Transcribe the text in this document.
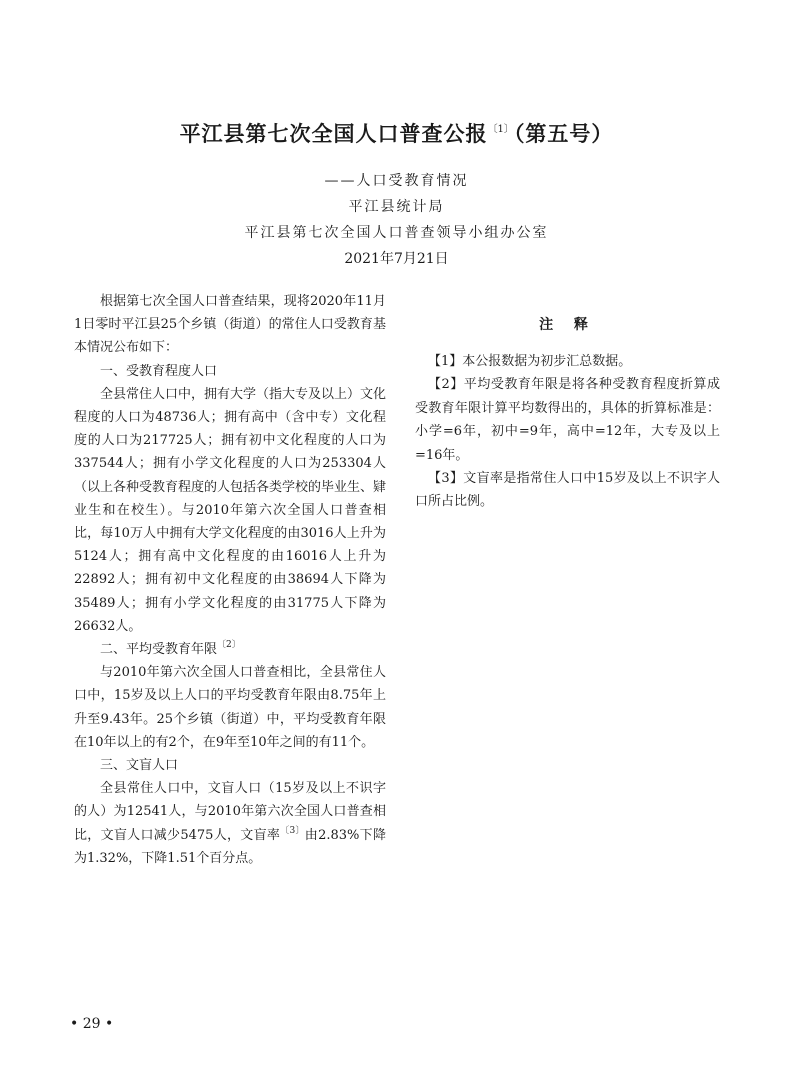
平江县第七次全国人口普查公报$^{〔1〕}$（第五号）
——人口受教育情况
平江县统计局
平江县第七次全国人口普查领导小组办公室
2021年7月21日

根据第七次全国人口普查结果，现将2020年11月1日零时平江县25个乡镇（街道）的常住人口受教育基本情况公布如下：

一、受教育程度人口

全县常住人口中，拥有大学（指大专及以上）文化程度的人口为48736人；拥有高中（含中专）文化程度的人口为217725人；拥有初中文化程度的人口为337544人；拥有小学文化程度的人口为253304人（以上各种受教育程度的人包括各类学校的毕业生、肄业生和在校生）。与2010年第六次全国人口普查相比，每10万人中拥有大学文化程度的由3016人上升为5124人；拥有高中文化程度的由16016人上升为22892人；拥有初中文化程度的由38694人下降为35489人；拥有小学文化程度的由31775人下降为26632人。

二、平均受教育年限$^{〔2〕}$

与2010年第六次全国人口普查相比，全县常住人口中，15岁及以上人口的平均受教育年限由8.75年上升至9.43年。25个乡镇（街道）中，平均受教育年限在10年以上的有2个，在9年至10年之间的有11个。

三、文盲人口

全县常住人口中，文盲人口（15岁及以上不识字的人）为12541人，与2010年第六次全国人口普查相比，文盲人口减少5475人，文盲率$^{〔3〕}$由2.83%下降为1.32%，下降1.51个百分点。

注 释

【1】本公报数据为初步汇总数据。

【2】平均受教育年限是将各种受教育程度折算成受教育年限计算平均数得出的，具体的折算标准是：小学=6年，初中=9年，高中=12年，大专及以上=16年。

【3】文盲率是指常住人口中15岁及以上不识字人口所占比例。

• 29 •
